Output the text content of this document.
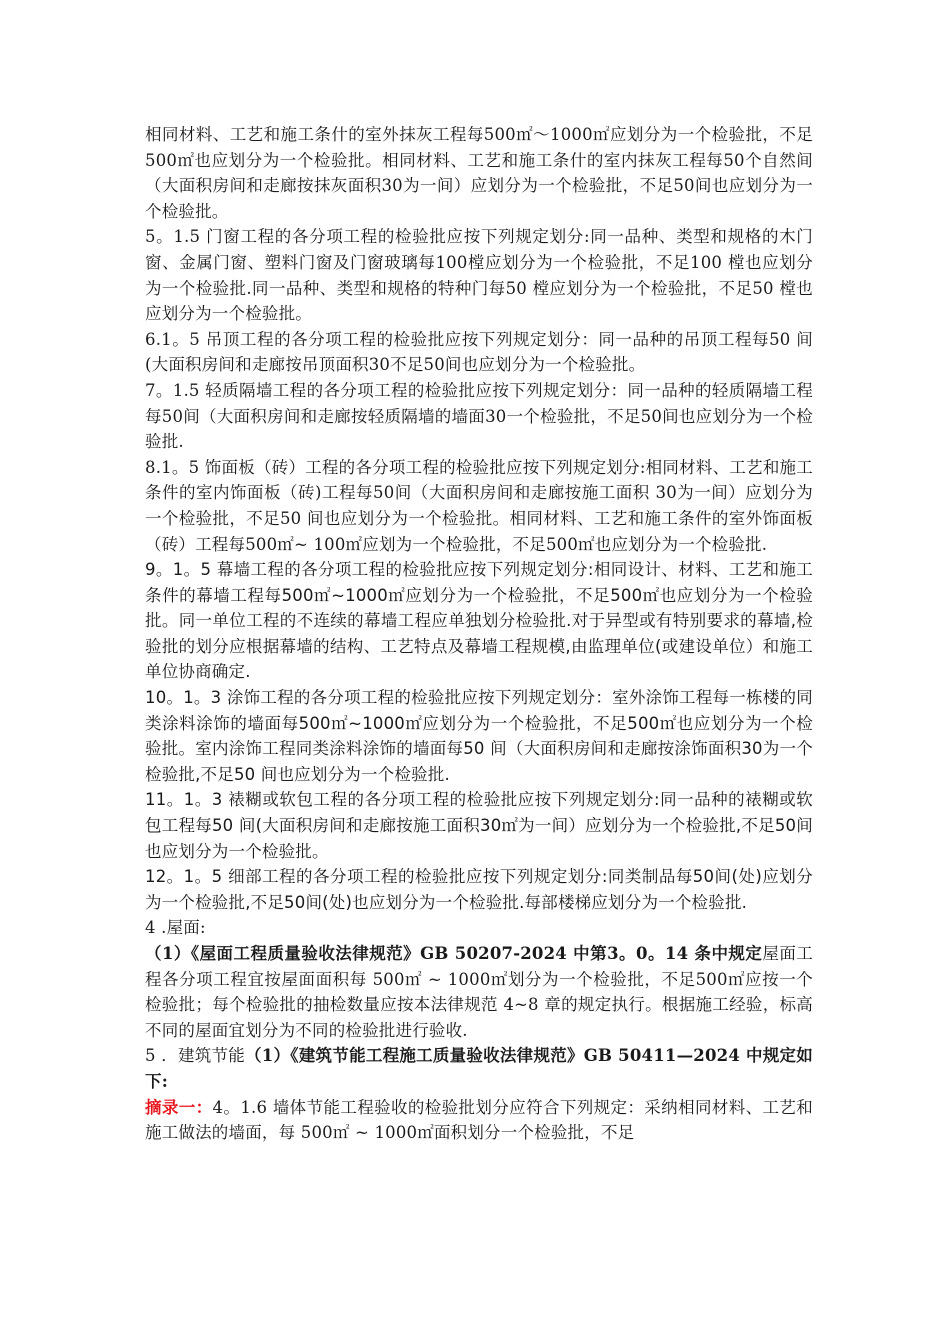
相同材料、工艺和施工条什的室外抹灰工程每500㎡～1000㎡应划分为一个检验批，不足500㎡也应划分为一个检验批。相同材料、工艺和施工条什的室内抹灰工程每50个自然间（大面积房间和走廊按抹灰面积30为一间）应划分为一个检验批，不足50间也应划分为一个检验批。

5。1.5 门窗工程的各分项工程的检验批应按下列规定划分:同一品种、类型和规格的木门窗、金属门窗、塑料门窗及门窗玻璃每100樘应划分为一个检验批，不足100 樘也应划分为一个检验批.同一品种、类型和规格的特种门每50 樘应划分为一个检验批，不足50 樘也应划分为一个检验批。

6.1。5 吊顶工程的各分项工程的检验批应按下列规定划分：同一品种的吊顶工程每50 间(大面积房间和走廊按吊顶面积30不足50间也应划分为一个检验批。

7。1.5 轻质隔墙工程的各分项工程的检验批应按下列规定划分：同一品种的轻质隔墙工程每50间（大面积房间和走廊按轻质隔墙的墙面30一个检验批，不足50间也应划分为一个检验批.

8.1。5 饰面板（砖）工程的各分项工程的检验批应按下列规定划分:相同材料、工艺和施工条件的室内饰面板（砖)工程每50间（大面积房间和走廊按施工面积 30为一间）应划分为一个检验批，不足50 间也应划分为一个检验批。相同材料、工艺和施工条件的室外饰面板（砖）工程每500㎡~ 100㎡应划为一个检验批，不足500㎡也应划分为一个检验批.

9。1。5 幕墙工程的各分项工程的检验批应按下列规定划分:相同设计、材料、工艺和施工条件的幕墙工程每500㎡~1000㎡应划分为一个检验批，不足500㎡也应划分为一个检验批。同一单位工程的不连续的幕墙工程应单独划分检验批.对于异型或有特别要求的幕墙,检验批的划分应根据幕墙的结构、工艺特点及幕墙工程规模,由监理单位(或建设单位）和施工单位协商确定.

10。1。3 涂饰工程的各分项工程的检验批应按下列规定划分：室外涂饰工程每一栋楼的同类涂料涂饰的墙面每500㎡~1000㎡应划分为一个检验批，不足500㎡也应划分为一个检验批。室内涂饰工程同类涂料涂饰的墙面每50 间（大面积房间和走廊按涂饰面积30为一个检验批,不足50 间也应划分为一个检验批.

11。1。3 裱糊或软包工程的各分项工程的检验批应按下列规定划分:同一品种的裱糊或软包工程每50 间(大面积房间和走廊按施工面积30㎡为一间）应划分为一个检验批,不足50间也应划分为一个检验批。

12。1。5 细部工程的各分项工程的检验批应按下列规定划分:同类制品每50间(处)应划分为一个检验批,不足50间(处)也应划分为一个检验批.每部楼梯应划分为一个检验批.

4 .屋面:

（1）《屋面工程质量验收法律规范》GB 50207-2024 中第3。0。14 条中规定屋面工程各分项工程宜按屋面面积每 500㎡ ~ 1000㎡划分为一个检验批，不足500㎡应按一个检验批；每个检验批的抽检数量应按本法律规范 4~8 章的规定执行。根据施工经验，标高不同的屋面宜划分为不同的检验批进行验收.

5 ．建筑节能（1）《建筑节能工程施工质量验收法律规范》GB 50411—2024 中规定如下:

摘录一：4。1.6 墙体节能工程验收的检验批划分应符合下列规定：采纳相同材料、工艺和施工做法的墙面，每 500㎡ ~ 1000㎡面积划分一个检验批，不足
